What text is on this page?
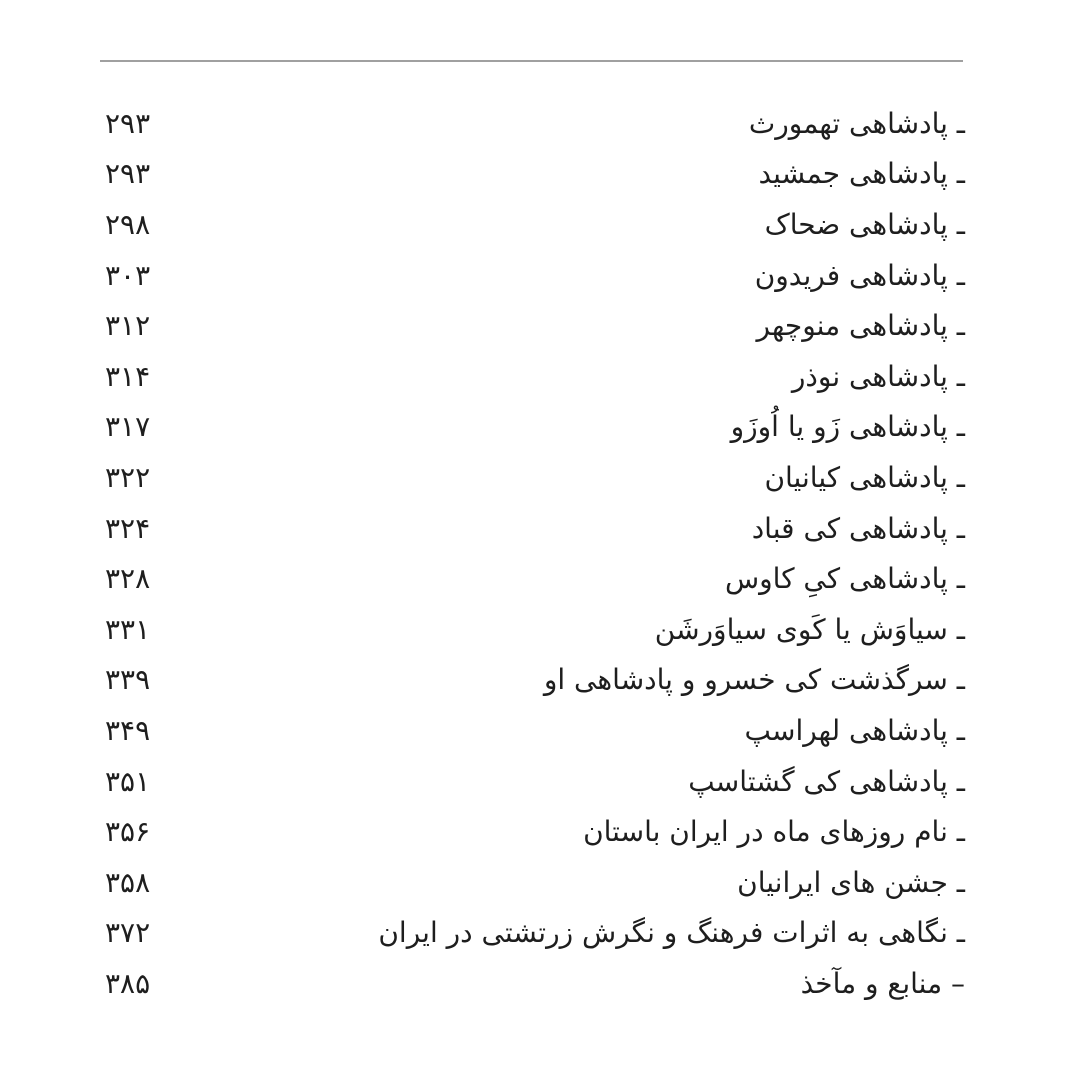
ـ پادشاهی تهمورث
۲۹۳
ـ پادشاهی جمشید
۲۹۳
ـ پادشاهی ضحاک
۲۹۸
ـ پادشاهی فریدون
۳۰۳
ـ پادشاهی منوچهر
۳۱۲
ـ پادشاهی نوذر
۳۱۴
ـ پادشاهی زَو یا اُوزَو
۳۱۷
ـ پادشاهی کیانیان
۳۲۲
ـ پادشاهی کی قباد
۳۲۴
ـ پادشاهی کیِ کاوس
۳۲۸
ـ سیاوَش یا کَوی سیاوَرشَن
۳۳۱
ـ سرگذشت کی خسرو و پادشاهی او
۳۳۹
ـ پادشاهی لهراسپ
۳۴۹
ـ پادشاهی کی گشتاسپ
۳۵۱
ـ نام روزهای ماه در ایران باستان
۳۵۶
ـ جشن های ایرانیان
۳۵۸
ـ نگاهی به اثرات فرهنگ و نگرش زرتشتی در ایران
۳۷۲
– منابع و مآخذ
۳۸۵
